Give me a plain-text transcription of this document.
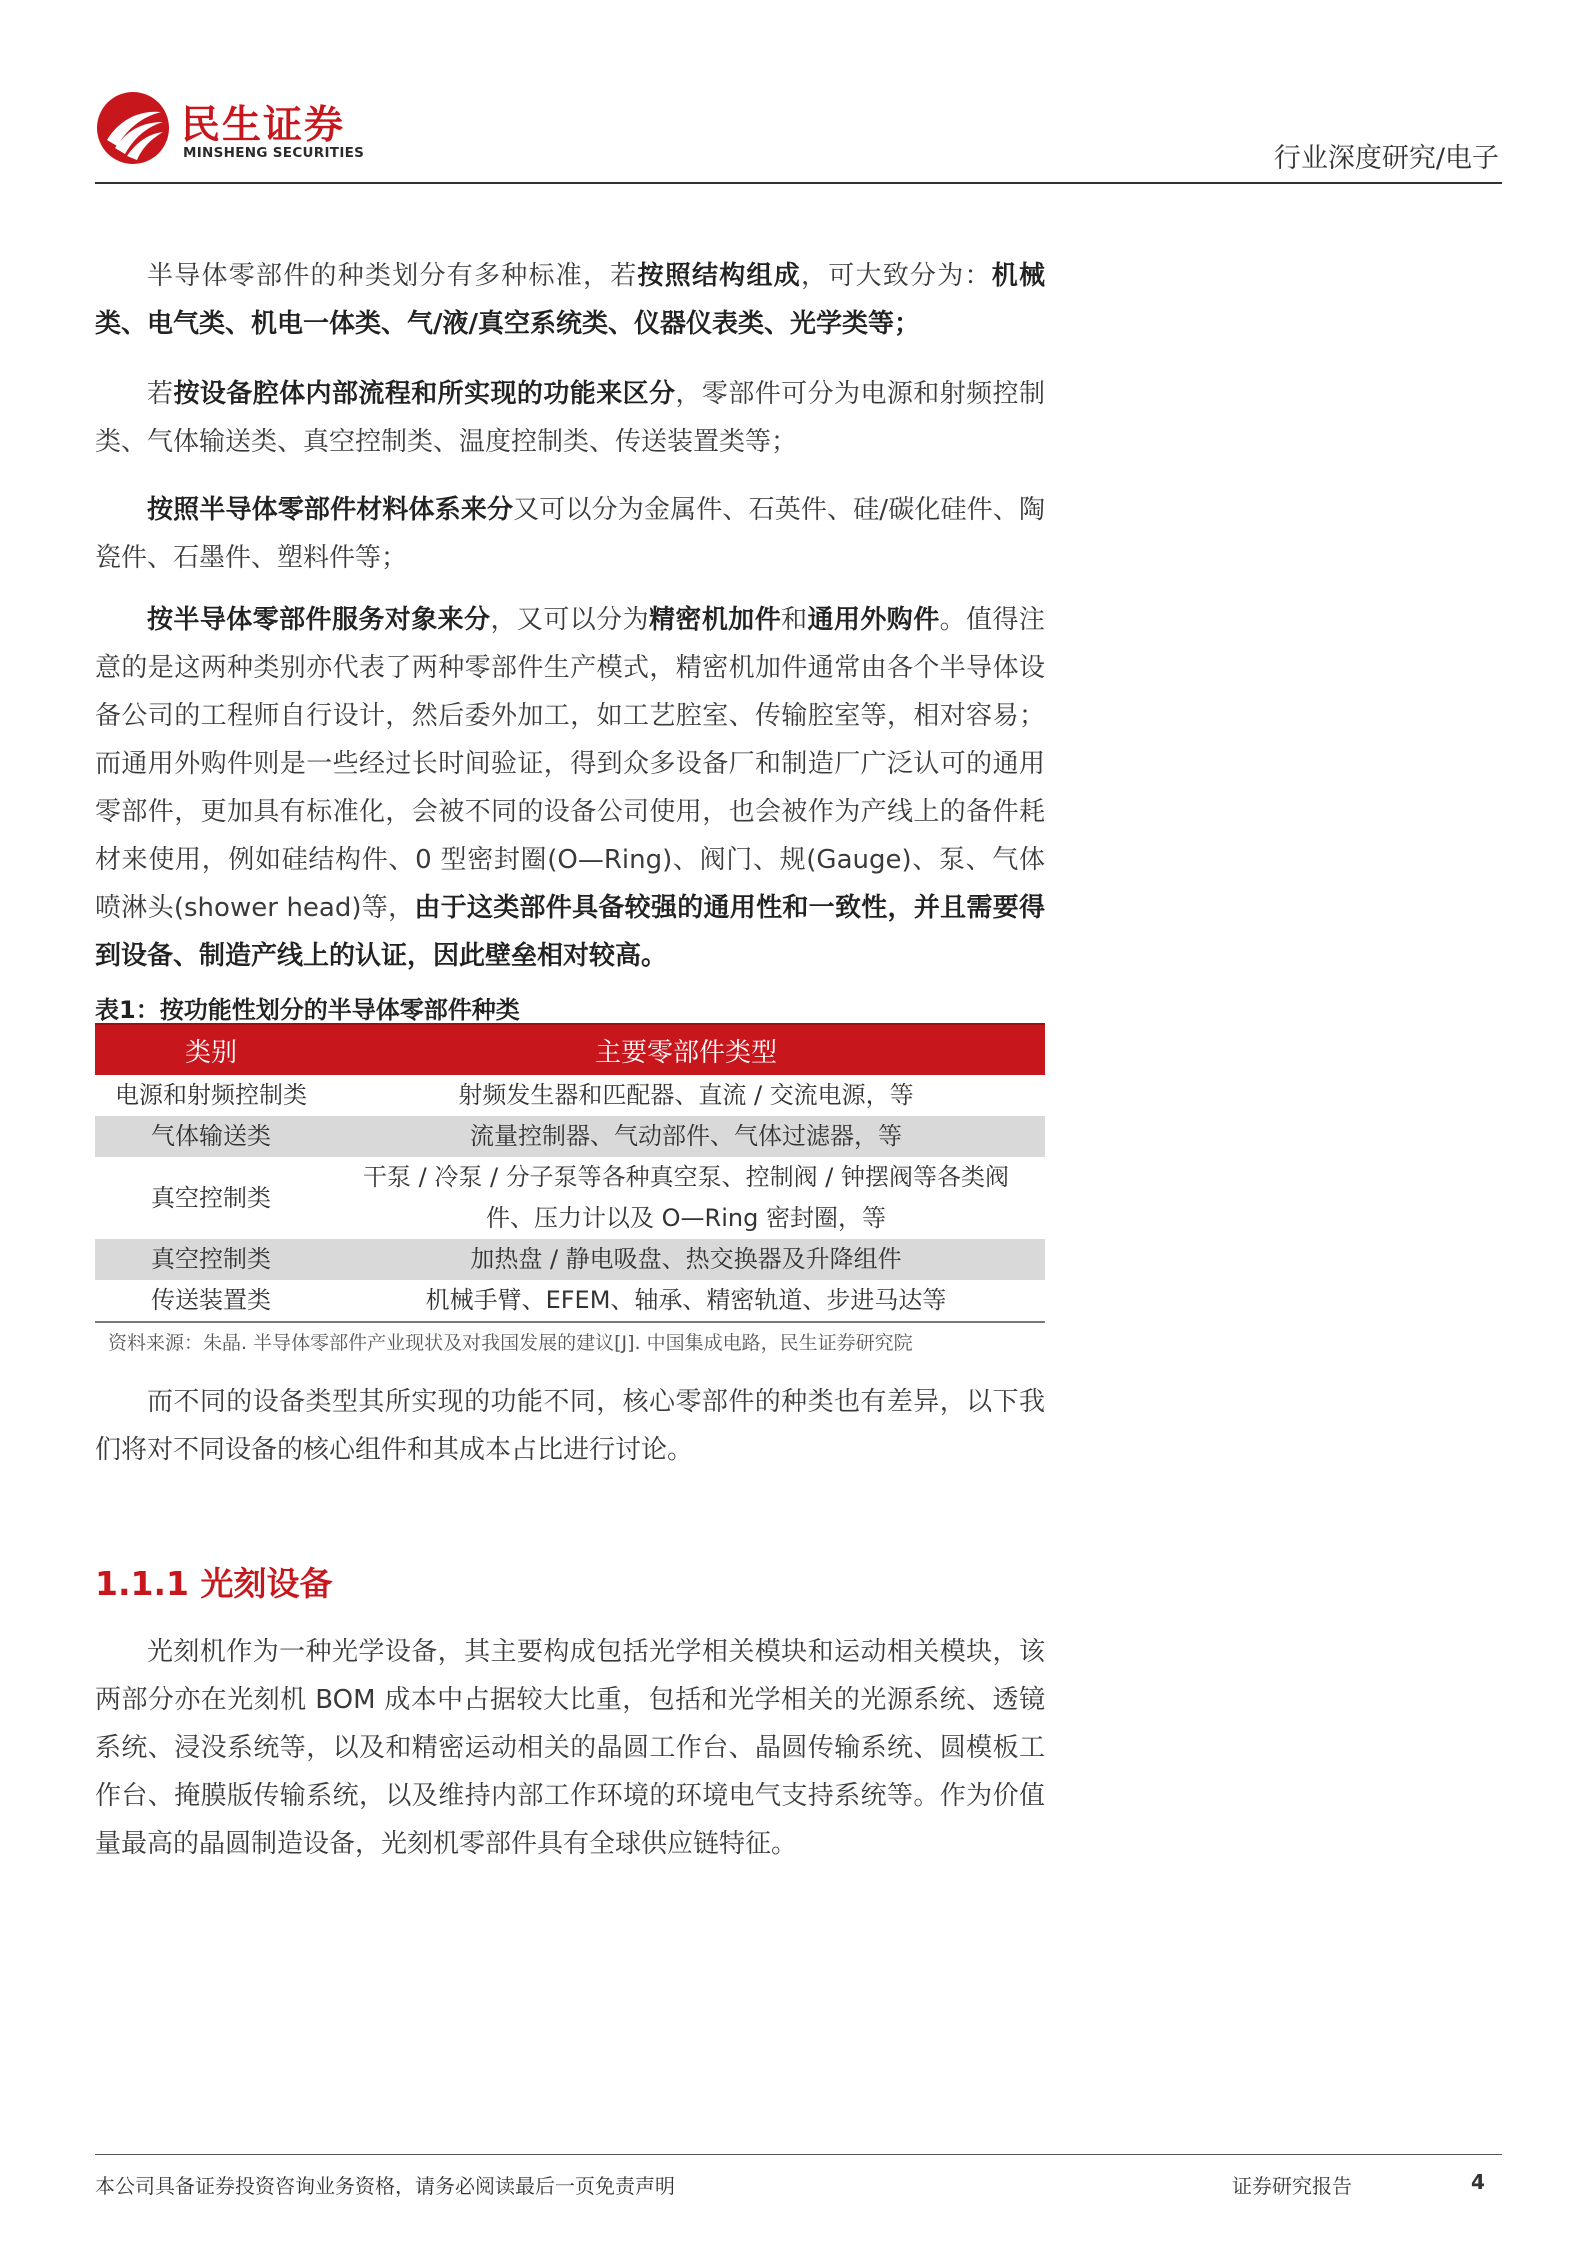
民生证券
MINSHENG SECURITIES	行业深度研究/电子
半导体零部件的种类划分有多种标准，若按照结构组成，可大致分为：机械类、电气类、机电一体类、气/液/真空系统类、仪器仪表类、光学类等；
若按设备腔体内部流程和所实现的功能来区分，零部件可分为电源和射频控制类、气体输送类、真空控制类、温度控制类、传送装置类等；
按照半导体零部件材料体系来分又可以分为金属件、石英件、硅/碳化硅件、陶瓷件、石墨件、塑料件等；
按半导体零部件服务对象来分，又可以分为精密机加件和通用外购件。值得注意的是这两种类别亦代表了两种零部件生产模式，精密机加件通常由各个半导体设备公司的工程师自行设计，然后委外加工，如工艺腔室、传输腔室等，相对容易；而通用外购件则是一些经过长时间验证，得到众多设备厂和制造厂广泛认可的通用零部件，更加具有标准化，会被不同的设备公司使用，也会被作为产线上的备件耗材来使用，例如硅结构件、0 型密封圈(O—Ring)、阀门、规(Gauge)、泵、气体喷淋头(shower head)等，由于这类部件具备较强的通用性和一致性，并且需要得到设备、制造产线上的认证，因此壁垒相对较高。
表1：按功能性划分的半导体零部件种类
类别	主要零部件类型
电源和射频控制类	射频发生器和匹配器、直流 / 交流电源，等
气体输送类	流量控制器、气动部件、气体过滤器，等
真空控制类	干泵 / 冷泵 / 分子泵等各种真空泵、控制阀 / 钟摆阀等各类阀件、压力计以及 O—Ring 密封圈，等
真空控制类	加热盘 / 静电吸盘、热交换器及升降组件
传送装置类	机械手臂、EFEM、轴承、精密轨道、步进马达等
资料来源：朱晶. 半导体零部件产业现状及对我国发展的建议[J]. 中国集成电路，民生证券研究院
而不同的设备类型其所实现的功能不同，核心零部件的种类也有差异，以下我们将对不同设备的核心组件和其成本占比进行讨论。
1.1.1 光刻设备
光刻机作为一种光学设备，其主要构成包括光学相关模块和运动相关模块，该两部分亦在光刻机 BOM 成本中占据较大比重，包括和光学相关的光源系统、透镜系统、浸没系统等，以及和精密运动相关的晶圆工作台、晶圆传输系统、圆模板工作台、掩膜版传输系统，以及维持内部工作环境的环境电气支持系统等。作为价值量最高的晶圆制造设备，光刻机零部件具有全球供应链特征。
本公司具备证券投资咨询业务资格，请务必阅读最后一页免责声明	证券研究报告	4
